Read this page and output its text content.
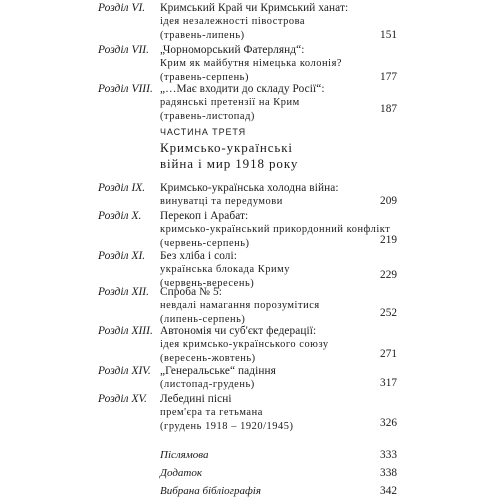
Розділ VI. Кримський Край чи Кримський ханат:
ідея незалежності півострова
(травень-липень)	151
Розділ VII. „Чорноморський Фатерлянд“:
Крим як майбутня німецька колонія?
(травень-серпень)	177
Розділ VIII. „…Має входити до складу Росії“:
радянські претензії на Крим
(травень-листопад)
187
ЧАСТИНА ТРЕТЯ
Кримсько-українські
війна і мир 1918 року
Розділ IX. Кримсько-українська холодна війна:
винуватці та передумови	209
Розділ X. Перекоп і Арабат:
кримсько-український прикордонний конфлікт
(червень-серпень)	219
Розділ XI. Без хліба і солі:
українська блокада Криму
(червень-вересень)
229
Розділ XII. Спроба № 5:
невдалі намагання порозумітися
(липень-серпень)
252
Розділ XIII. Автономія чи суб'єкт федерації:
ідея кримсько-українського союзу
(вересень-жовтень)	271
Розділ XIV. „Генеральське“ падіння
(листопад-грудень)	317
Розділ XV. Лебедині пісні
прем'єра та гетьмана
(грудень 1918 – 1920/1945)	326
Післямова	333
Додаток	338
Вибрана бібліографія	342
